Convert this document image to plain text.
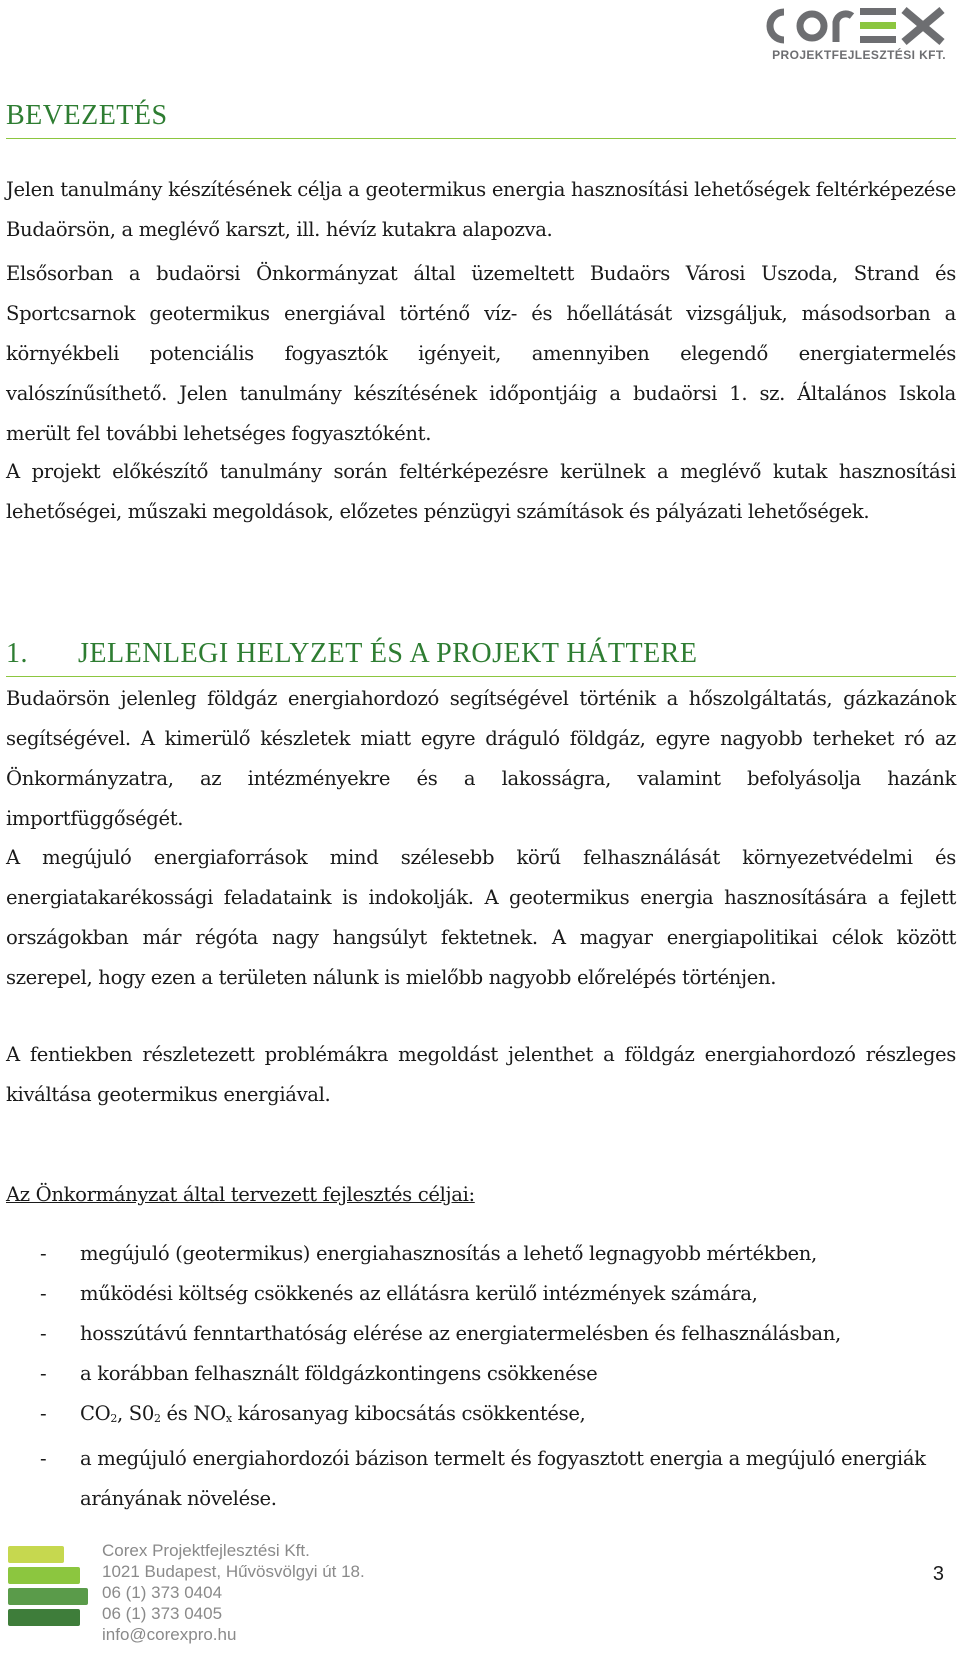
PROJEKTFEJLESZTÉSI KFT.
BEVEZETÉS

Jelen tanulmány készítésének célja a geotermikus energia hasznosítási lehetőségek feltérképezése Budaörsön, a meglévő karszt, ill. hévíz kutakra alapozva.

Elsősorban a budaörsi Önkormányzat által üzemeltett Budaörs Városi Uszoda, Strand és Sportcsarnok geotermikus energiával történő víz- és hőellátását vizsgáljuk, másodsorban a környékbeli potenciális fogyasztók igényeit, amennyiben elegendő energiatermelés valószínűsíthető. Jelen tanulmány készítésének időpontjáig a budaörsi 1. sz. Általános Iskola merült fel további lehetséges fogyasztóként.

A projekt előkészítő tanulmány során feltérképezésre kerülnek a meglévő kutak hasznosítási lehetőségei, műszaki megoldások, előzetes pénzügyi számítások és pályázati lehetőségek.

1. JELENLEGI HELYZET ÉS A PROJEKT HÁTTERE

Budaörsön jelenleg földgáz energiahordozó segítségével történik a hőszolgáltatás, gázkazánok segítségével. A kimerülő készletek miatt egyre dráguló földgáz, egyre nagyobb terheket ró az Önkormányzatra, az intézményekre és a lakosságra, valamint befolyásolja hazánk importfüggőségét.

A megújuló energiaforrások mind szélesebb körű felhasználását környezetvédelmi és energiatakarékossági feladataink is indokolják. A geotermikus energia hasznosítására a fejlett országokban már régóta nagy hangsúlyt fektetnek. A magyar energiapolitikai célok között szerepel, hogy ezen a területen nálunk is mielőbb nagyobb előrelépés történjen.

A fentiekben részletezett problémákra megoldást jelenthet a földgáz energiahordozó részleges kiváltása geotermikus energiával.

Az Önkormányzat által tervezett fejlesztés céljai:

- megújuló (geotermikus) energiahasznosítás a lehető legnagyobb mértékben,
- működési költség csökkenés az ellátásra kerülő intézmények számára,
- hosszútávú fenntarthatóság elérése az energiatermelésben és felhasználásban,
- a korábban felhasznált földgázkontingens csökkenése
- $CO_2$, $S0_2$ és $NO_x$ károsanyag kibocsátás csökkentése,
- a megújuló energiahordozói bázison termelt és fogyasztott energia a megújuló energiák arányának növelése.
Corex Projektfejlesztési Kft.
1021 Budapest, Hűvösvölgyi út 18.
06 (1) 373 0404
06 (1) 373 0405
info@corexpro.hu
3
